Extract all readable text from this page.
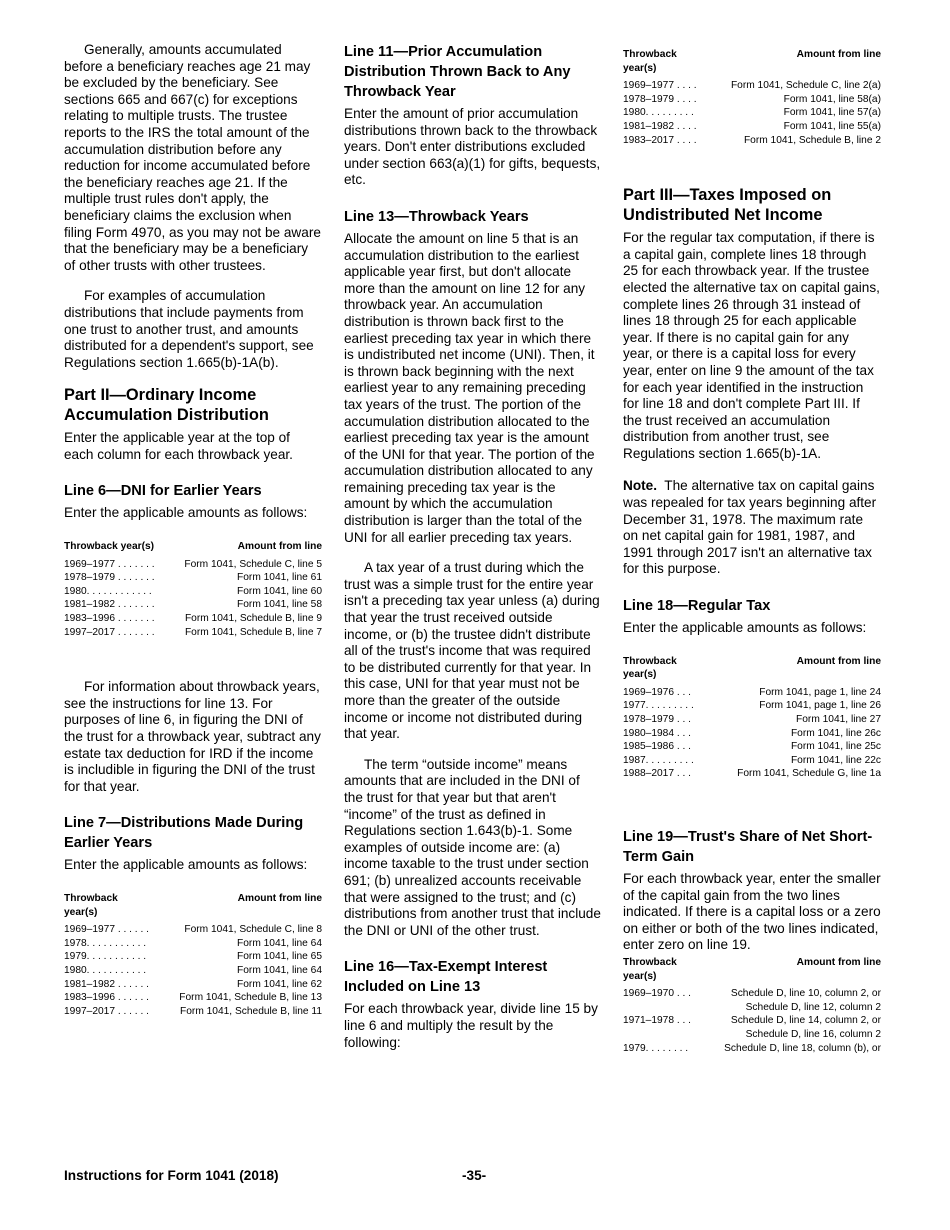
Generally, amounts accumulated before a beneficiary reaches age 21 may be excluded by the beneficiary. See sections 665 and 667(c) for exceptions relating to multiple trusts. The trustee reports to the IRS the total amount of the accumulation distribution before any reduction for income accumulated before the beneficiary reaches age 21. If the multiple trust rules don't apply, the beneficiary claims the exclusion when filing Form 4970, as you may not be aware that the beneficiary may be a beneficiary of other trusts with other trustees.

For examples of accumulation distributions that include payments from one trust to another trust, and amounts distributed for a dependent's support, see Regulations section 1.665(b)-1A(b).

Part II—Ordinary Income Accumulation Distribution

Enter the applicable year at the top of each column for each throwback year.

Line 6—DNI for Earlier Years

Enter the applicable amounts as follows:

Throwback year(s)	Amount from line
1969–1977 . . . . . . .	Form 1041, Schedule C, line 5
1978–1979 . . . . . . .	Form 1041, line 61
1980. . . . . . . . . . . .	Form 1041, line 60
1981–1982 . . . . . . .	Form 1041, line 58
1983–1996 . . . . . . .	Form 1041, Schedule B, line 9
1997–2017 . . . . . . .	Form 1041, Schedule B, line 7

For information about throwback years, see the instructions for line 13. For purposes of line 6, in figuring the DNI of the trust for a throwback year, subtract any estate tax deduction for IRD if the income is includible in figuring the DNI of the trust for that year.

Line 7—Distributions Made During Earlier Years

Enter the applicable amounts as follows:

Throwback year(s)	Amount from line
1969–1977 . . . . . .	Form 1041, Schedule C, line 8
1978. . . . . . . . . . .	Form 1041, line 64
1979. . . . . . . . . . .	Form 1041, line 65
1980. . . . . . . . . . .	Form 1041, line 64
1981–1982 . . . . . .	Form 1041, line 62
1983–1996 . . . . . .	Form 1041, Schedule B, line 13
1997–2017 . . . . . .	Form 1041, Schedule B, line 11
Line 11—Prior Accumulation Distribution Thrown Back to Any Throwback Year

Enter the amount of prior accumulation distributions thrown back to the throwback years. Don't enter distributions excluded under section 663(a)(1) for gifts, bequests, etc.

Line 13—Throwback Years

Allocate the amount on line 5 that is an accumulation distribution to the earliest applicable year first, but don't allocate more than the amount on line 12 for any throwback year. An accumulation distribution is thrown back first to the earliest preceding tax year in which there is undistributed net income (UNI). Then, it is thrown back beginning with the next earliest year to any remaining preceding tax years of the trust. The portion of the accumulation distribution allocated to the earliest preceding tax year is the amount of the UNI for that year. The portion of the accumulation distribution allocated to any remaining preceding tax year is the amount by which the accumulation distribution is larger than the total of the UNI for all earlier preceding tax years.

A tax year of a trust during which the trust was a simple trust for the entire year isn't a preceding tax year unless (a) during that year the trust received outside income, or (b) the trustee didn't distribute all of the trust's income that was required to be distributed currently for that year. In this case, UNI for that year must not be more than the greater of the outside income or income not distributed during that year.

The term “outside income” means amounts that are included in the DNI of the trust for that year but that aren't “income” of the trust as defined in Regulations section 1.643(b)-1. Some examples of outside income are: (a) income taxable to the trust under section 691; (b) unrealized accounts receivable that were assigned to the trust; and (c) distributions from another trust that include the DNI or UNI of the other trust.

Line 16—Tax-Exempt Interest Included on Line 13

For each throwback year, divide line 15 by line 6 and multiply the result by the following:

Throwback year(s)	Amount from line
1969–1977 . . . .	Form 1041, Schedule C, line 2(a)
1978–1979 . . . .	Form 1041, line 58(a)
1980. . . . . . . . .	Form 1041, line 57(a)
1981–1982 . . . .	Form 1041, line 55(a)
1983–2017 . . . .	Form 1041, Schedule B, line 2
Part III—Taxes Imposed on Undistributed Net Income

For the regular tax computation, if there is a capital gain, complete lines 18 through 25 for each throwback year. If the trustee elected the alternative tax on capital gains, complete lines 26 through 31 instead of lines 18 through 25 for each applicable year. If there is no capital gain for any year, or there is a capital loss for every year, enter on line 9 the amount of the tax for each year identified in the instruction for line 18 and don't complete Part III. If the trust received an accumulation distribution from another trust, see Regulations section 1.665(b)-1A.

Note. The alternative tax on capital gains was repealed for tax years beginning after December 31, 1978. The maximum rate on net capital gain for 1981, 1987, and 1991 through 2017 isn't an alternative tax for this purpose.

Line 18—Regular Tax

Enter the applicable amounts as follows:

Throwback year(s)	Amount from line
1969–1976 . . .	Form 1041, page 1, line 24
1977. . . . . . . . .	Form 1041, page 1, line 26
1978–1979 . . .	Form 1041, line 27
1980–1984 . . .	Form 1041, line 26c
1985–1986 . . .	Form 1041, line 25c
1987. . . . . . . . .	Form 1041, line 22c
1988–2017 . . .	Form 1041, Schedule G, line 1a
Line 19—Trust's Share of Net Short-Term Gain

For each throwback year, enter the smaller of the capital gain from the two lines indicated. If there is a capital loss or a zero on either or both of the two lines indicated, enter zero on line 19.

Throwback year(s)	Amount from line
1969–1970 . . .	Schedule D, line 10, column 2, or
	Schedule D, line 12, column 2
1971–1978 . . .	Schedule D, line 14, column 2, or
	Schedule D, line 16, column 2
1979. . . . . . . .	Schedule D, line 18, column (b), or
Instructions for Form 1041 (2018)	-35-
